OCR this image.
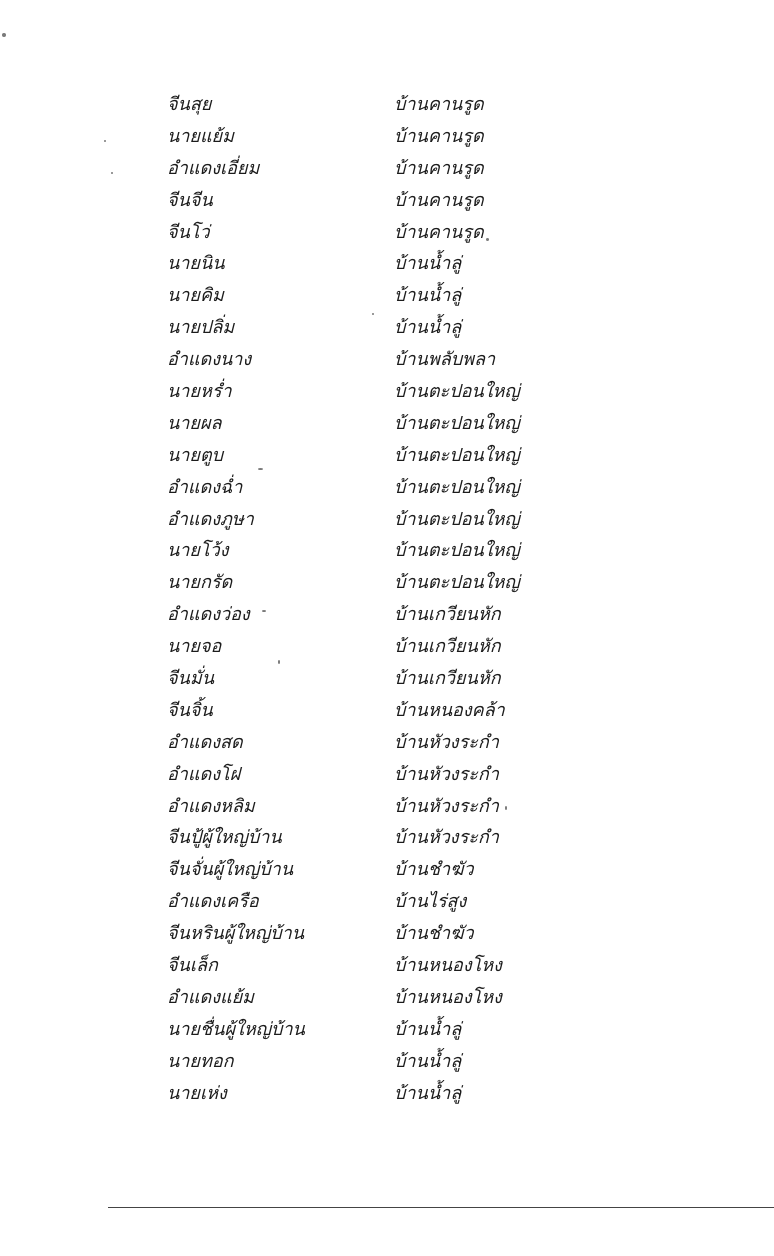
จีนสุย	บ้านคานรูด
นายแย้ม	บ้านคานรูด
อำแดงเอี่ยม	บ้านคานรูด
จีนจีน	บ้านคานรูด
จีนโว่	บ้านคานรูด
นายนิน	บ้านน้ำลู่
นายคิม	บ้านน้ำลู่
นายปลิ่ม	บ้านน้ำลู่
อำแดงนาง	บ้านพลับพลา
นายหร่ำ	บ้านตะปอนใหญ่
นายผล	บ้านตะปอนใหญ่
นายตูบ	บ้านตะปอนใหญ่
อำแดงฉ่ำ	บ้านตะปอนใหญ่
อำแดงภูษา	บ้านตะปอนใหญ่
นายโว้ง	บ้านตะปอนใหญ่
นายกรัด	บ้านตะปอนใหญ่
อำแดงว่อง	บ้านเกวียนหัก
นายจอ	บ้านเกวียนหัก
จีนมั่น	บ้านเกวียนหัก
จีนจิ้น	บ้านหนองคล้า
อำแดงสด	บ้านหัวงระกำ
อำแดงโฝ	บ้านหัวงระกำ
อำแดงหลิม	บ้านหัวงระกำ
จีนปู้ผู้ใหญ่บ้าน	บ้านหัวงระกำ
จีนจั่นผู้ใหญ่บ้าน	บ้านชำฆัว
อำแดงเครือ	บ้านไร่สูง
จีนหรินผู้ใหญ่บ้าน	บ้านชำฆัว
จีนเล็ก	บ้านหนองโหง
อำแดงแย้ม	บ้านหนองโหง
นายชื่นผู้ใหญ่บ้าน	บ้านน้ำลู่
นายทอก	บ้านน้ำลู่
นายเห่ง	บ้านน้ำลู่
